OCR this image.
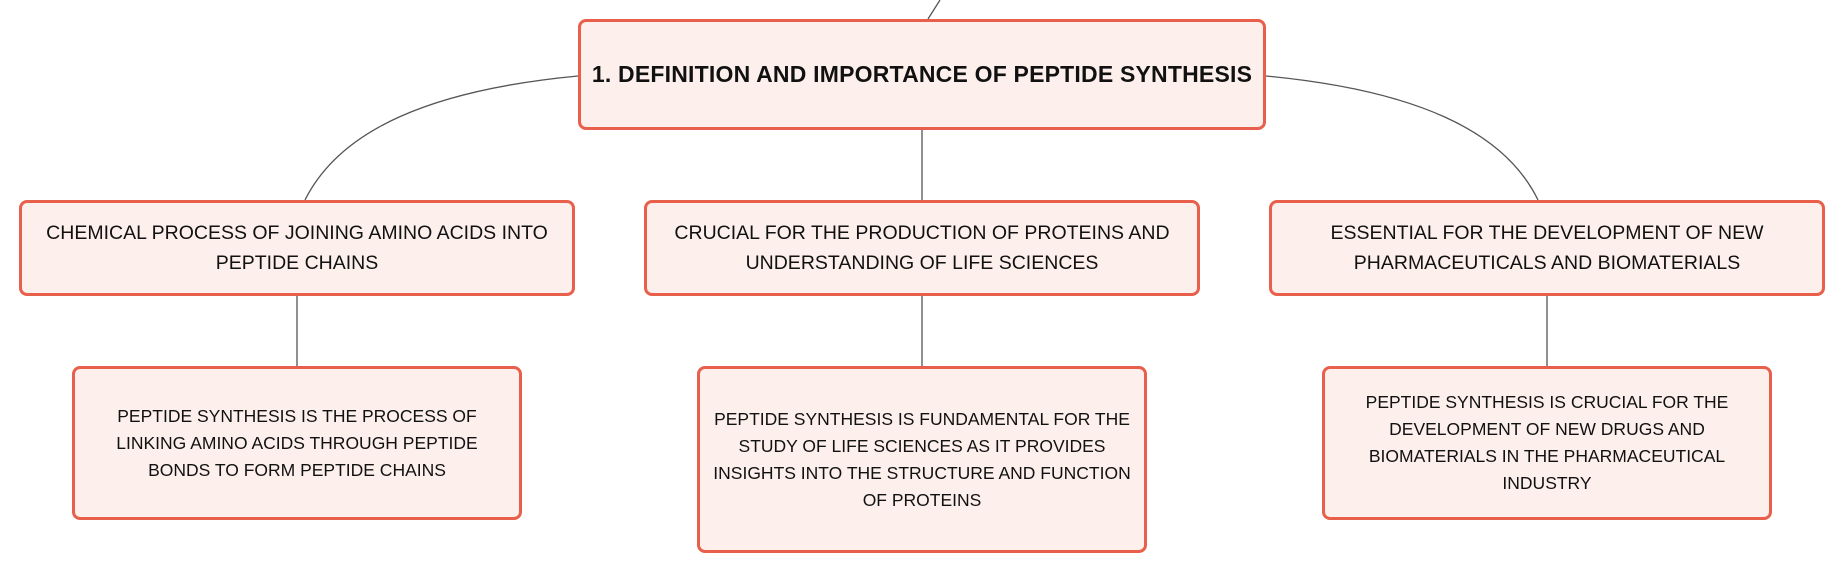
1. DEFINITION AND IMPORTANCE OF PEPTIDE SYNTHESIS
CHEMICAL PROCESS OF JOINING AMINO ACIDS INTO PEPTIDE CHAINS
CRUCIAL FOR THE PRODUCTION OF PROTEINS AND UNDERSTANDING OF LIFE SCIENCES
ESSENTIAL FOR THE DEVELOPMENT OF NEW PHARMACEUTICALS AND BIOMATERIALS
PEPTIDE SYNTHESIS IS THE PROCESS OF LINKING AMINO ACIDS THROUGH PEPTIDE BONDS TO FORM PEPTIDE CHAINS
PEPTIDE SYNTHESIS IS FUNDAMENTAL FOR THE STUDY OF LIFE SCIENCES AS IT PROVIDES INSIGHTS INTO THE STRUCTURE AND FUNCTION OF PROTEINS
PEPTIDE SYNTHESIS IS CRUCIAL FOR THE DEVELOPMENT OF NEW DRUGS AND BIOMATERIALS IN THE PHARMACEUTICAL INDUSTRY
